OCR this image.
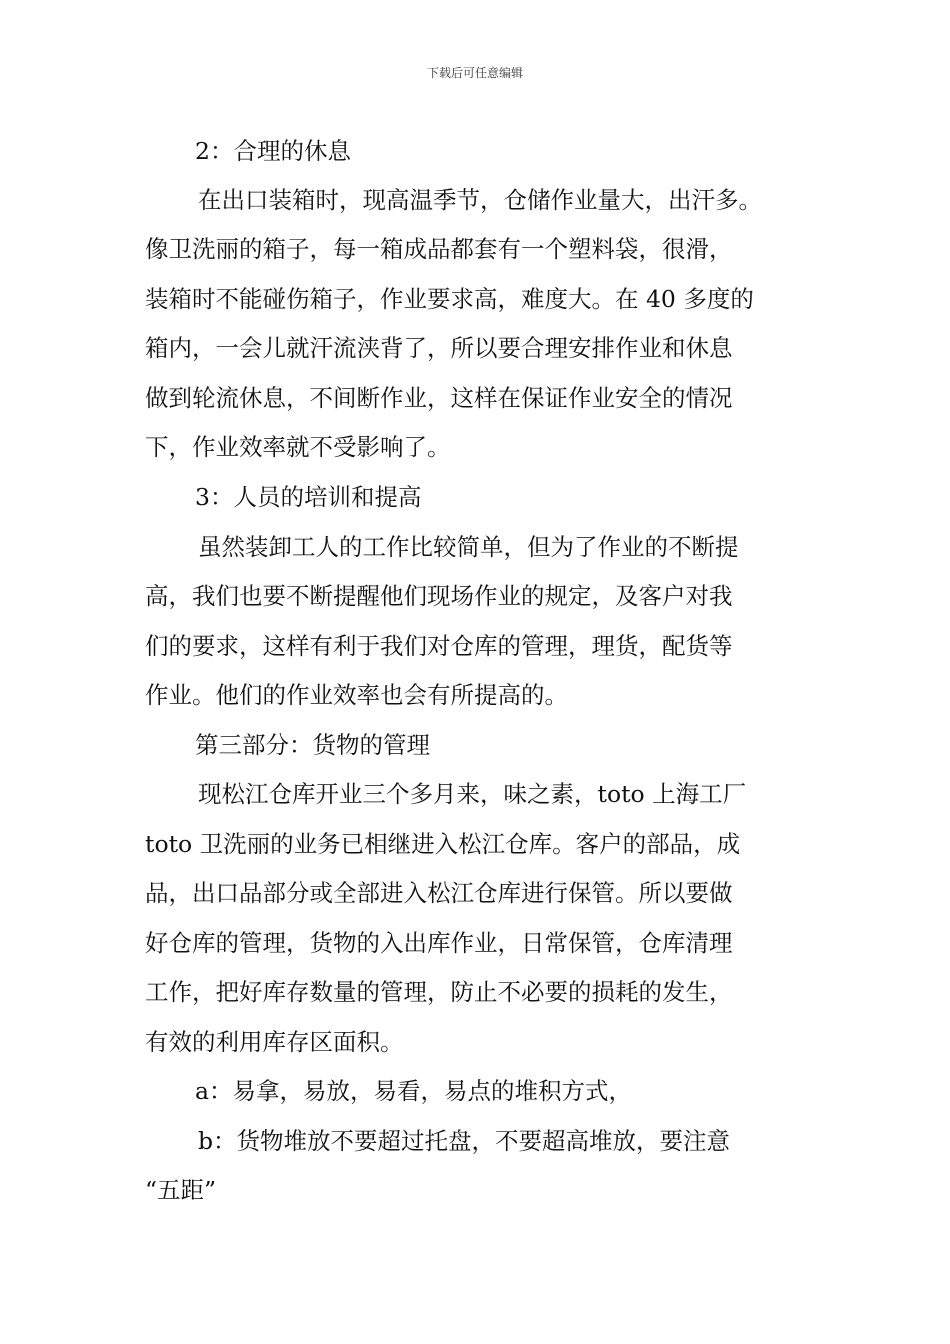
下载后可任意编辑
2：合理的休息
在出口装箱时，现高温季节，仓储作业量大，出汗多。
像卫洗丽的箱子，每一箱成品都套有一个塑料袋，很滑，
装箱时不能碰伤箱子，作业要求高，难度大。在 40 多度的
箱内，一会儿就汗流浃背了，所以要合理安排作业和休息
做到轮流休息，不间断作业，这样在保证作业安全的情况
下，作业效率就不受影响了。
3：人员的培训和提高
虽然装卸工人的工作比较简单，但为了作业的不断提
高，我们也要不断提醒他们现场作业的规定，及客户对我
们的要求，这样有利于我们对仓库的管理，理货，配货等
作业。他们的作业效率也会有所提高的。
第三部分：货物的管理
现松江仓库开业三个多月来，味之素，toto 上海工厂
toto 卫洗丽的业务已相继进入松江仓库。客户的部品，成
品，出口品部分或全部进入松江仓库进行保管。所以要做
好仓库的管理，货物的入出库作业，日常保管，仓库清理
工作，把好库存数量的管理，防止不必要的损耗的发生，
有效的利用库存区面积。
a：易拿，易放，易看，易点的堆积方式，
b：货物堆放不要超过托盘，不要超高堆放，要注意
“五距”
